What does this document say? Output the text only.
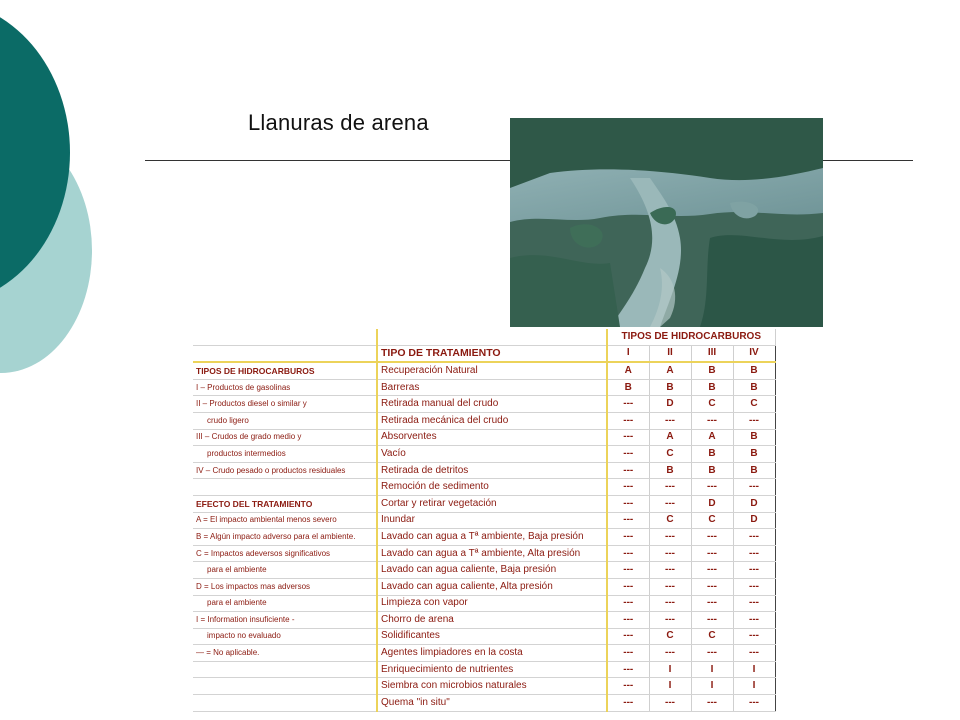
Llanuras de arena
		TIPOS DE HIDROCARBUROS			
	TIPO DE TRATAMIENTO	I	II	III	IV
TIPOS DE HIDROCARBUROS	Recuperación Natural	A	A	B	B
I – Productos de gasolinas	Barreras	B	B	B	B
II – Productos diesel o similar y	Retirada manual del crudo	---	D	C	C
crudo ligero	Retirada mecánica del crudo	---	---	---	---
III – Crudos de grado medio y	Absorventes	---	A	A	B
productos intermedios	Vacío	---	C	B	B
IV – Crudo pesado o productos residuales	Retirada de detritos	---	B	B	B
	Remoción de sedimento	---	---	---	---
EFECTO DEL TRATAMIENTO	Cortar y retirar vegetación	---	---	D	D
A = El impacto ambiental menos severo	Inundar	---	C	C	D
B = Algún impacto adverso para el ambiente.	Lavado can agua a Tª ambiente, Baja presión	---	---	---	---
C = Impactos adeversos significativos	Lavado can agua a Tª ambiente, Alta presión	---	---	---	---
para el ambiente	Lavado can agua caliente, Baja presión	---	---	---	---
D = Los impactos mas adversos	Lavado can agua caliente, Alta presión	---	---	---	---
para el ambiente	Limpieza con vapor	---	---	---	---
I = Information insuficiente -	Chorro de arena	---	---	---	---
impacto no evaluado	Solidificantes	---	C	C	---
— = No aplicable.	Agentes limpiadores en la costa	---	---	---	---
	Enriquecimiento de nutrientes	---	I	I	I
	Siembra con microbios naturales	---	I	I	I
	Quema "in situ"	---	---	---	---
